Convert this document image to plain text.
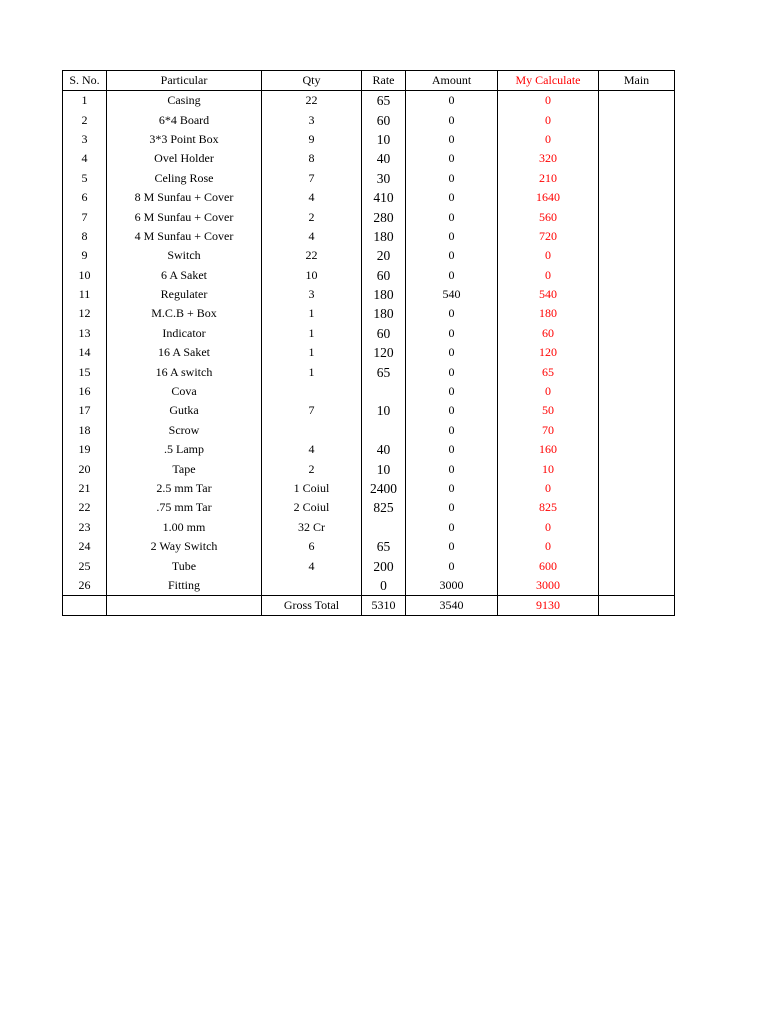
S. No.	Particular	Qty	Rate	Amount	My Calculate	Main
1	Casing	22	65	0	0	
2	6*4 Board	3	60	0	0	
3	3*3 Point Box	9	10	0	0	
4	Ovel Holder	8	40	0	320	
5	Celing Rose	7	30	0	210	
6	8 M Sunfau + Cover	4	410	0	1640	
7	6 M Sunfau + Cover	2	280	0	560	
8	4 M Sunfau + Cover	4	180	0	720	
9	Switch	22	20	0	0	
10	6 A Saket	10	60	0	0	
11	Regulater	3	180	540	540	
12	M.C.B + Box	1	180	0	180	
13	Indicator	1	60	0	60	
14	16 A Saket	1	120	0	120	
15	16 A switch	1	65	0	65	
16	Cova			0	0	
17	Gutka	7	10	0	50	
18	Scrow			0	70	
19	.5 Lamp	4	40	0	160	
20	Tape	2	10	0	10	
21	2.5 mm Tar	1 Coiul	2400	0	0	
22	.75 mm Tar	2 Coiul	825	0	825	
23	1.00 mm	32 Cr		0	0	
24	2 Way Switch	6	65	0	0	
25	Tube	4	200	0	600	
26	Fitting		0	3000	3000	
		Gross Total	5310	3540	9130	
